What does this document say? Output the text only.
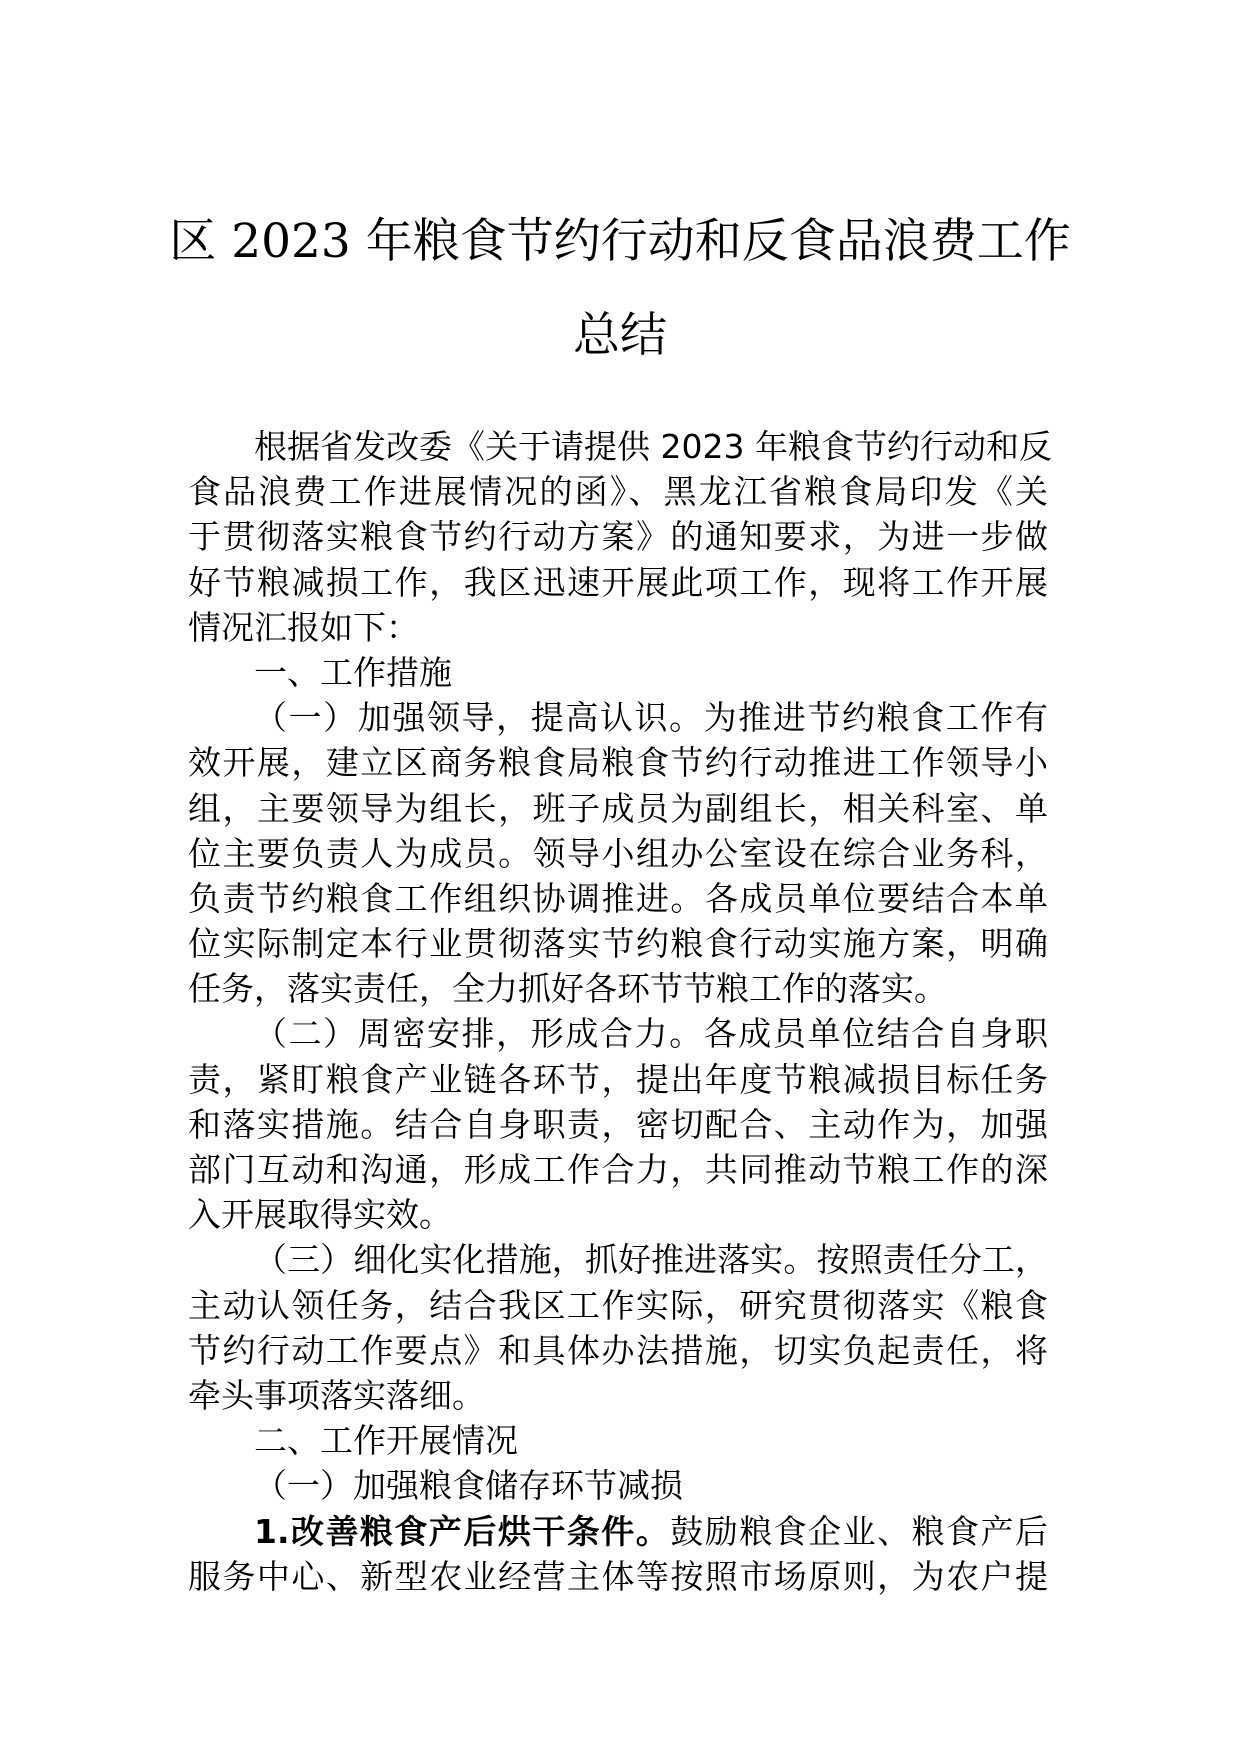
区 2023 年粮食节约行动和反食品浪费工作
总结
根据省发改委《关于请提供 2023 年粮食节约行动和反
食品浪费工作进展情况的函》、黑龙江省粮食局印发《关
于贯彻落实粮食节约行动方案》的通知要求，为进一步做
好节粮减损工作，我区迅速开展此项工作，现将工作开展
情况汇报如下：
一、工作措施
（一）加强领导，提高认识。为推进节约粮食工作有
效开展，建立区商务粮食局粮食节约行动推进工作领导小
组，主要领导为组长，班子成员为副组长，相关科室、单
位主要负责人为成员。领导小组办公室设在综合业务科，
负责节约粮食工作组织协调推进。各成员单位要结合本单
位实际制定本行业贯彻落实节约粮食行动实施方案，明确
任务，落实责任，全力抓好各环节节粮工作的落实。
（二）周密安排，形成合力。各成员单位结合自身职
责，紧盯粮食产业链各环节，提出年度节粮减损目标任务
和落实措施。结合自身职责，密切配合、主动作为，加强
部门互动和沟通，形成工作合力，共同推动节粮工作的深
入开展取得实效。
（三）细化实化措施，抓好推进落实。按照责任分工，
主动认领任务，结合我区工作实际，研究贯彻落实《粮食
节约行动工作要点》和具体办法措施，切实负起责任，将
牵头事项落实落细。
二、工作开展情况
（一）加强粮食储存环节减损
1.改善粮食产后烘干条件。鼓励粮食企业、粮食产后
服务中心、新型农业经营主体等按照市场原则，为农户提
